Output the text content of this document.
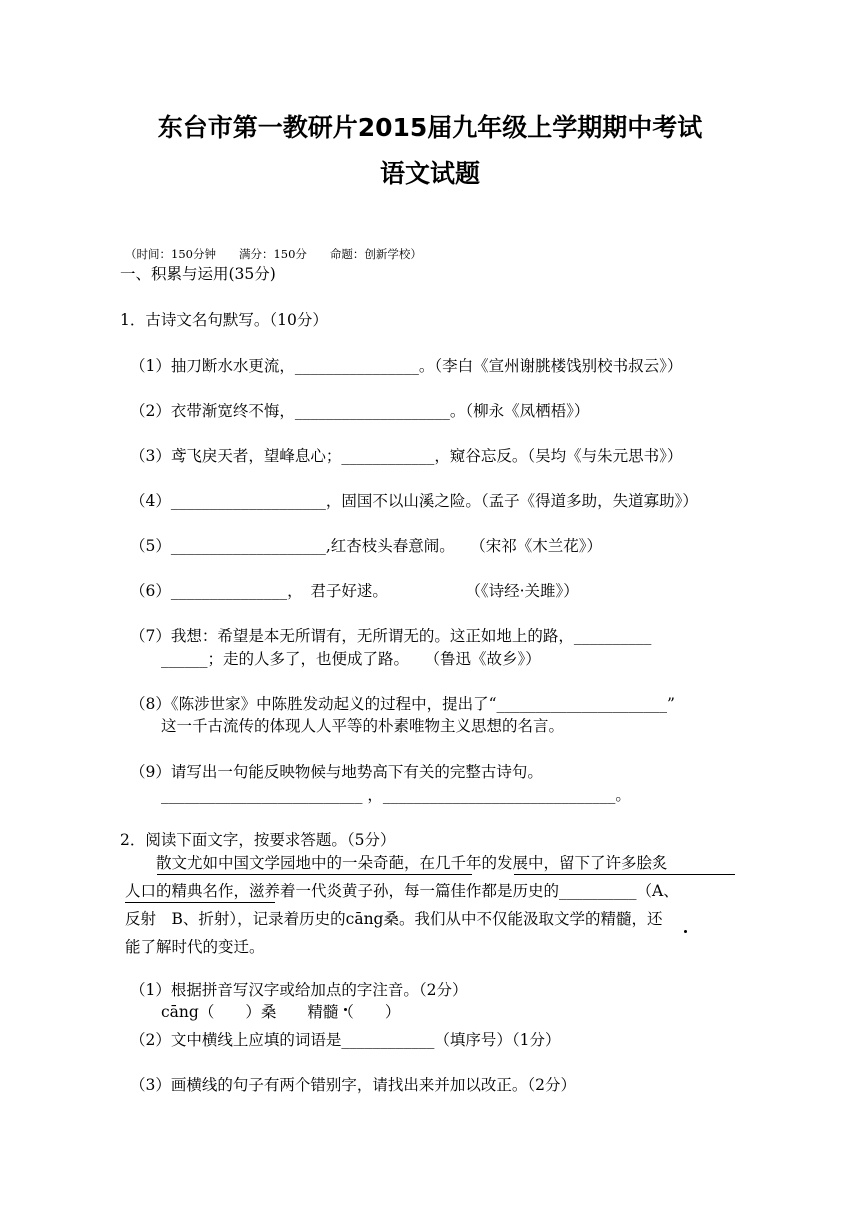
东台市第一教研片2015届九年级上学期期中考试
语文试题
（时间：150分钟　　满分：150分　　命题：创新学校）
一、积累与运用(35分)
1．古诗文名句默写。（10分）
（1）抽刀断水水更流，________________。（李白《宣州谢朓楼饯别校书叔云》）
（2）衣带渐宽终不悔，____________________。（柳永《凤栖梧》）
（3）鸢飞戾天者，望峰息心；____________，窥谷忘反。（吴均《与朱元思书》）
（4）____________________，固国不以山溪之险。（孟子《得道多助，失道寡助》）
（5）____________________,红杏枝头春意闹。　　（宋祁《木兰花》）
（6）_______________，　君子好逑。　　　　　　（《诗经·关雎》）
（7）我想：希望是本无所谓有，无所谓无的。这正如地上的路，__________
　　______；走的人多了，也便成了路。　　（鲁迅《故乡》）
（8）《陈涉世家》中陈胜发动起义的过程中，提出了“______________________”
　　这一千古流传的体现人人平等的朴素唯物主义思想的名言。
（9）请写出一句能反映物候与地势高下有关的完整古诗句。
　　__________________________ ，______________________________。
2．阅读下面文字，按要求答题。（5分）
　　散文尤如中国文学园地中的一朵奇葩，在几千年的发展中，留下了许多脍炙
人口的精典名作，滋养着一代炎黄子孙，每一篇佳作都是历史的__________（A、
反射　B、折射），记录着历史的cāng桑。我们从中不仅能汲取文学的精髓，还
能了解时代的变迁。
（1）根据拼音写汉字或给加点的字注音。（2分）
　　cāng（　　）桑　　精髓（　　）
（2）文中横线上应填的词语是____________（填序号）（1分）
（3）画横线的句子有两个错别字，请找出来并加以改正。（2分）
